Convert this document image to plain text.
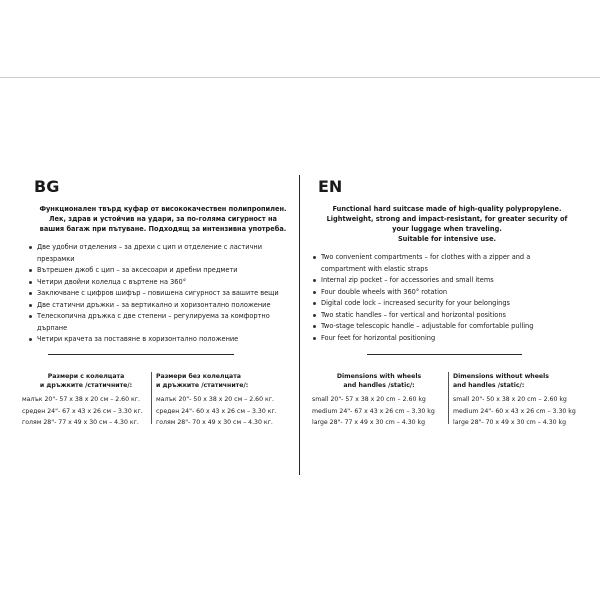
BG
Функционален твърд куфар от висококачествен полипропилен.
Лек, здрав и устойчив на удари, за по-голяма сигурност на
вашия багаж при пътуване. Подходящ за интензивна употреба.
Две удобни отделения – за дрехи с цип и отделение с ластични
презрамки
Вътрешен джоб с цип – за аксесоари и дребни предмети
Четири двойни колелца с въртене на 360°
Заключване с цифров шифър – повишена сигурност за вашите вещи
Две статични дръжки – за вертикално и хоризонтално положение
Телескопична дръжка с две степени – регулируема за комфортно
дърпане
Четири крачета за поставяне в хоризонтално положение
EN
Functional hard suitcase made of high-quality polypropylene.
Lightweight, strong and impact-resistant, for greater security of
your luggage when traveling.
Suitable for intensive use.
Two convenient compartments – for clothes with a zipper and a
compartment with elastic straps
Internal zip pocket – for accessories and small items
Four double wheels with 360° rotation
Digital code lock – increased security for your belongings
Two static handles – for vertical and horizontal positions
Two-stage telescopic handle – adjustable for comfortable pulling
Four feet for horizontal positioning
Размери с колелцата
и дръжките /статичните/:
малък 20"- 57 х 38 х 20 см – 2.60 кг.
среден 24"- 67 х 43 х 26 см – 3.30 кг.
голям 28"- 77 х 49 х 30 см – 4.30 кг.
Размери без колелцата
и дръжките /статичните/:
малък 20"- 50 х 38 х 20 см – 2.60 кг.
среден 24"- 60 х 43 х 26 см – 3.30 кг.
голям 28"- 70 х 49 х 30 см – 4.30 кг.
Dimensions with wheels
and handles /static/:
small 20"- 57 x 38 x 20 cm – 2.60 kg
medium 24"- 67 x 43 x 26 cm – 3.30 kg
large 28"- 77 x 49 x 30 cm – 4.30 kg
Dimensions without wheels
and handles /static/:
small 20"- 50 x 38 x 20 cm – 2.60 kg
medium 24"- 60 x 43 x 26 cm – 3.30 kg
large 28"- 70 x 49 x 30 cm – 4.30 kg
